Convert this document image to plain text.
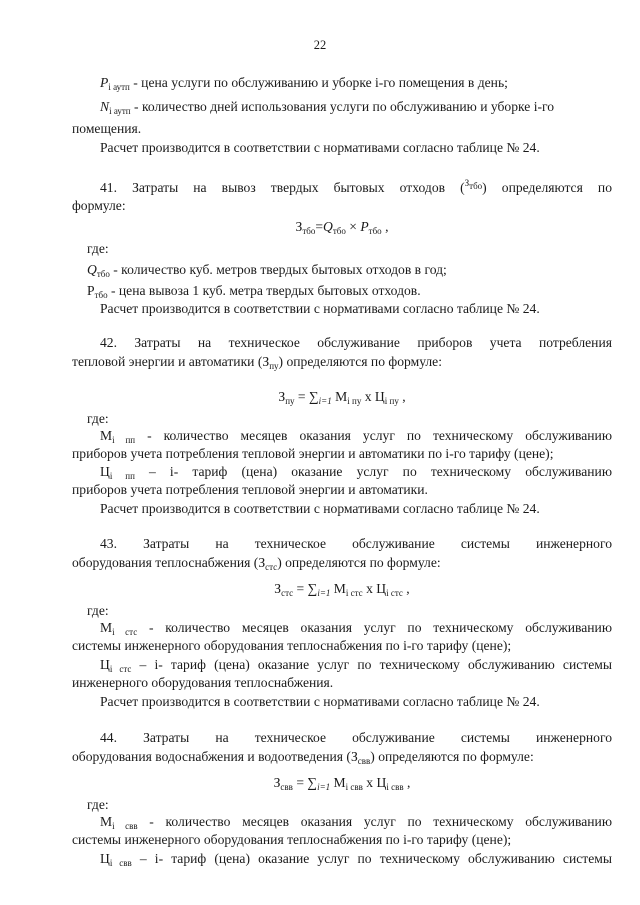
22

$P_{i аутп}$ - цена услуги по обслуживанию и уборке i-го помещения в день;

$N_{i аутп}$ - количество дней использования услуги по обслуживанию и уборке i-го

помещения.

Расчет производится в соответствии с нормативами согласно таблице № 24.

41. Затраты на вывоз твердых бытовых отходов ($^{З_{тбо}}$) определяются по

формуле:

$З_{тбо}=Q_{тбо} \times P_{тбо}$ ,

где:

$Q_{тбо}$ - количество куб. метров твердых бытовых отходов в год;

$P_{тбо}$ - цена вывоза 1 куб. метра твердых бытовых отходов.

Расчет производится в соответствии с нормативами согласно таблице № 24.

42. Затраты на техническое обслуживание приборов учета потребления

тепловой энергии и автоматики $(З_{пу})$ определяются по формуле:

$З_{пу} = \sum_{i=1}$ $M_{i пу}$ х $Ц_{i пу}$ ,

где:

$M_{i пп}$ - количество месяцев оказания услуг по техническому обслуживанию

приборов учета потребления тепловой энергии и автоматики по i-го тарифу (цене);

$Ц_{i пп} - i-$ тариф (цена) оказание услуг по техническому обслуживанию

приборов учета потребления тепловой энергии и автоматики.

Расчет производится в соответствии с нормативами согласно таблице № 24.

43. Затраты на техническое обслуживание системы инженерного

оборудования теплоснабжения $(З_{стс})$ определяются по формуле:

$З_{стс} = \sum_{i=1}$ $M_{i стс}$ х $Ц_{i стс}$ ,

где:

$M_{i стс}$ - количество месяцев оказания услуг по техническому обслуживанию

системы инженерного оборудования теплоснабжения по i-го тарифу (цене);

$Ц_{i стс} - i-$ тариф (цена) оказание услуг по техническому обслуживанию системы

инженерного оборудования теплоснабжения.

Расчет производится в соответствии с нормативами согласно таблице № 24.

44. Затраты на техническое обслуживание системы инженерного

оборудования водоснабжения и водоотведения $(З_{свв})$ определяются по формуле:

$З_{свв} = \sum_{i=1}$ $M_{i свв}$ х $Ц_{i свв}$ ,

где:

$M_{i свв}$ - количество месяцев оказания услуг по техническому обслуживанию

системы инженерного оборудования теплоснабжения по i-го тарифу (цене);

$Ц_{i свв} - i-$ тариф (цена) оказание услуг по техническому обслуживанию системы
